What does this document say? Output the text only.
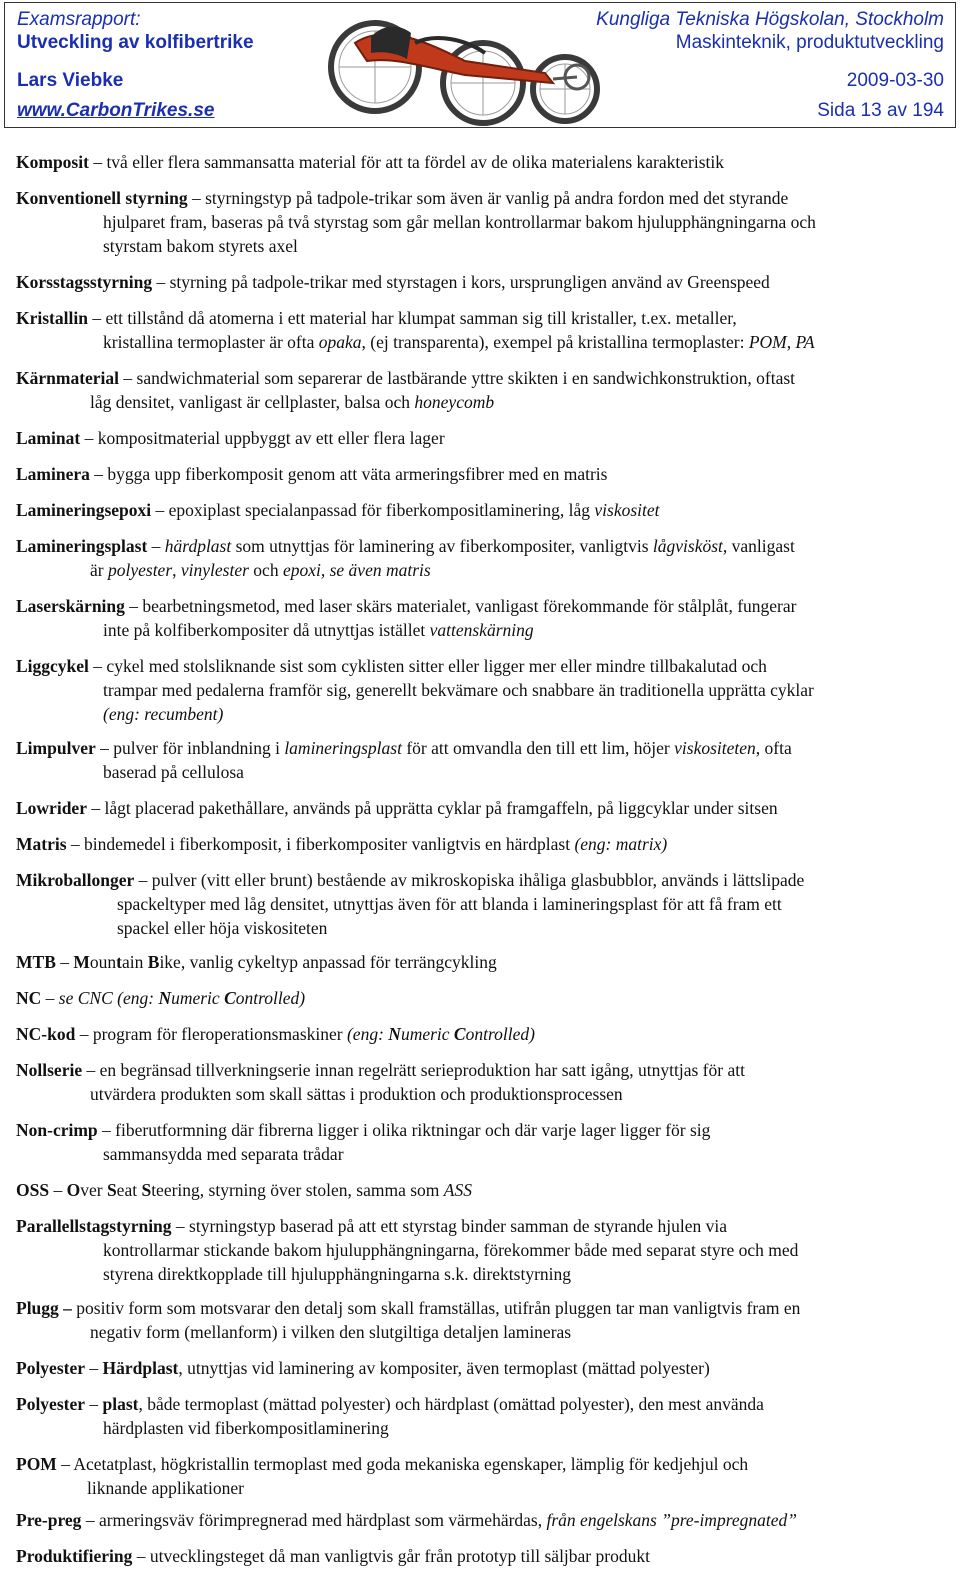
Examsrapport:
Utveckling av kolfibertrike
Lars Viebke
www.CarbonTrikes.se
Kungliga Tekniska Högskolan, Stockholm
Maskinteknik, produktutveckling
2009-03-30
Sida 13 av 194
Komposit – två eller flera sammansatta material för att ta fördel av de olika materialens karakteristik
Konventionell styrning – styrningstyp på tadpole-trikar som även är vanlig på andra fordon med det styrande
hjulparet fram, baseras på två styrstag som går mellan kontrollarmar bakom hjulupphängningarna och
styrstam bakom styrets axel
Korsstagsstyrning – styrning på tadpole-trikar med styrstagen i kors, ursprungligen använd av Greenspeed
Kristallin – ett tillstånd då atomerna i ett material har klumpat samman sig till kristaller, t.ex. metaller,
kristallina termoplaster är ofta opaka, (ej transparenta), exempel på kristallina termoplaster: POM, PA
Kärnmaterial – sandwichmaterial som separerar de lastbärande yttre skikten i en sandwichkonstruktion, oftast
låg densitet, vanligast är cellplaster, balsa och honeycomb
Laminat – kompositmaterial uppbyggt av ett eller flera lager
Laminera – bygga upp fiberkomposit genom att väta armeringsfibrer med en matris
Lamineringsepoxi – epoxiplast specialanpassad för fiberkompositlaminering, låg viskositet
Lamineringsplast – härdplast som utnyttjas för laminering av fiberkompositer, vanligtvis lågvisköst, vanligast
är polyester, vinylester och epoxi, se även matris
Laserskärning – bearbetningsmetod, med laser skärs materialet, vanligast förekommande för stålplåt, fungerar
inte på kolfiberkompositer då utnyttjas istället vattenskärning
Liggcykel – cykel med stolsliknande sist som cyklisten sitter eller ligger mer eller mindre tillbakalutad och
trampar med pedalerna framför sig, generellt bekvämare och snabbare än traditionella upprätta cyklar
(eng: recumbent)
Limpulver – pulver för inblandning i lamineringsplast för att omvandla den till ett lim, höjer viskositeten, ofta
baserad på cellulosa
Lowrider – lågt placerad pakethållare, används på upprätta cyklar på framgaffeln, på liggcyklar under sitsen
Matris – bindemedel i fiberkomposit, i fiberkompositer vanligtvis en härdplast (eng: matrix)
Mikroballonger – pulver (vitt eller brunt) bestående av mikroskopiska ihåliga glasbubblor, används i lättslipade
spackeltyper med låg densitet, utnyttjas även för att blanda i lamineringsplast för att få fram ett
spackel eller höja viskositeten
MTB – Mountain Bike, vanlig cykeltyp anpassad för terrängcykling
NC – se CNC (eng: Numeric Controlled)
NC-kod – program för fleroperationsmaskiner (eng: Numeric Controlled)
Nollserie – en begränsad tillverkningserie innan regelrätt serieproduktion har satt igång, utnyttjas för att
utvärdera produkten som skall sättas i produktion och produktionsprocessen
Non-crimp – fiberutformning där fibrerna ligger i olika riktningar och där varje lager ligger för sig
sammansydda med separata trådar
OSS – Over Seat Steering, styrning över stolen, samma som ASS
Parallellstagstyrning – styrningstyp baserad på att ett styrstag binder samman de styrande hjulen via
kontrollarmar stickande bakom hjulupphängningarna, förekommer både med separat styre och med
styrena direktkopplade till hjulupphängningarna s.k. direktstyrning
Plugg – positiv form som motsvarar den detalj som skall framställas, utifrån pluggen tar man vanligtvis fram en
negativ form (mellanform) i vilken den slutgiltiga detaljen lamineras
Polyester – Härdplast, utnyttjas vid laminering av kompositer, även termoplast (mättad polyester)
Polyester – plast, både termoplast (mättad polyester) och härdplast (omättad polyester), den mest använda
härdplasten vid fiberkompositlaminering
POM – Acetatplast, högkristallin termoplast med goda mekaniska egenskaper, lämplig för kedjehjul och
liknande applikationer
Pre-preg – armeringsväv förimpregnerad med härdplast som värmehärdas, från engelskans ”pre-impregnated”
Produktifiering – utvecklingsteget då man vanligtvis går från prototyp till säljbar produkt
